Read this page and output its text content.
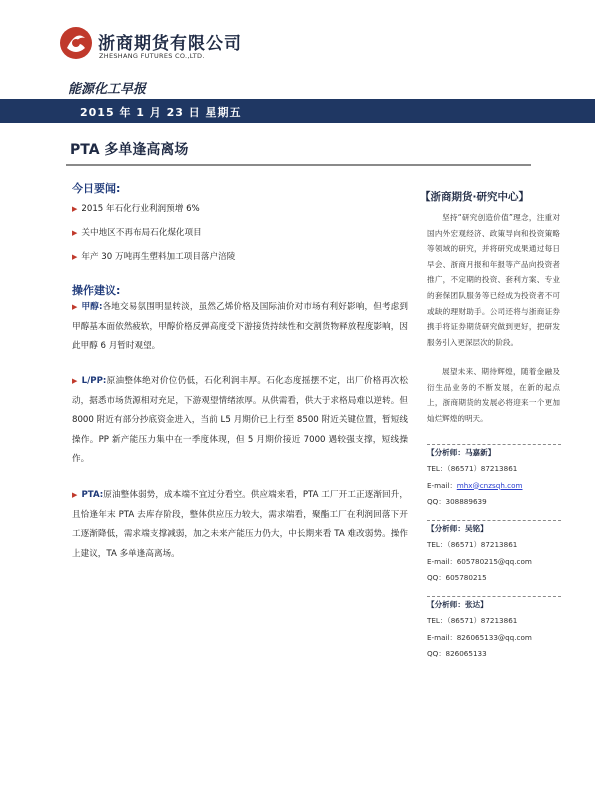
浙商期货有限公司
ZHESHANG FUTURES CO.,LTD.
能源化工早报
2015 年 1 月 23 日 星期五
PTA 多单逢高离场
今日要闻:
▶ 2015 年石化行业利润预增 6%
▶ 关中地区不再布局石化煤化项目
▶ 年产 30 万吨再生塑料加工项目落户涪陵
操作建议:
▶ 甲醇:各地交易氛围明显转淡，虽然乙烯价格及国际油价对市场有利好影响，但考虑到甲醇基本面依然疲软，甲醇价格反弹高度受下游接货持续性和交割货物释放程度影响，因此甲醇 6 月暂时观望。
▶ L/PP:原油整体绝对价位仍低，石化利润丰厚。石化态度摇摆不定，出厂价格再次松动，据悉市场货源相对充足，下游观望情绪浓厚。从供需看，供大于求格局难以逆转。但 8000 附近有部分抄底资金进入，当前 L5 月期价已上行至 8500 附近关键位置，暂短线操作。PP 新产能压力集中在一季度体现，但 5 月期价接近 7000 遇较强支撑，短线操作。
▶ PTA:原油整体弱势，成本端不宜过分看空。供应端来看，PTA 工厂开工正逐渐回升，且恰逢年末 PTA 去库存阶段，整体供应压力较大，需求端看，聚酯工厂在利润回落下开工逐渐降低，需求端支撑减弱，加之未来产能压力仍大，中长期来看 TA 难改弱势。操作上建议，TA 多单逢高离场。
【浙商期货·研究中心】
坚持“研究创造价值”理念，注重对国内外宏观经济、政策导向和投资策略等领域的研究，并将研究成果通过每日早会、浙商月报和年报等产品向投资者推广，不定期的投资、套利方案、专业的套保团队服务等已经成为投资者不可或缺的理财助手。公司还将与浙商证券携手将证券期货研究做到更好，把研发服务引入更深层次的阶段。
展望未来、期待辉煌，随着金融及衍生品业务的不断发展，在新的起点上，浙商期货的发展必将迎来一个更加灿烂辉煌的明天。
【分析师：马嘉新】
TEL：（86571）87213861
E-mail：mhx@cnzsqh.com
QQ：308889639
【分析师：吴铭】
TEL：（86571）87213861
E-mail：605780215@qq.com
QQ：605780215
【分析师：张达】
TEL：（86571）87213861
E-mail：826065133@qq.com
QQ：826065133
